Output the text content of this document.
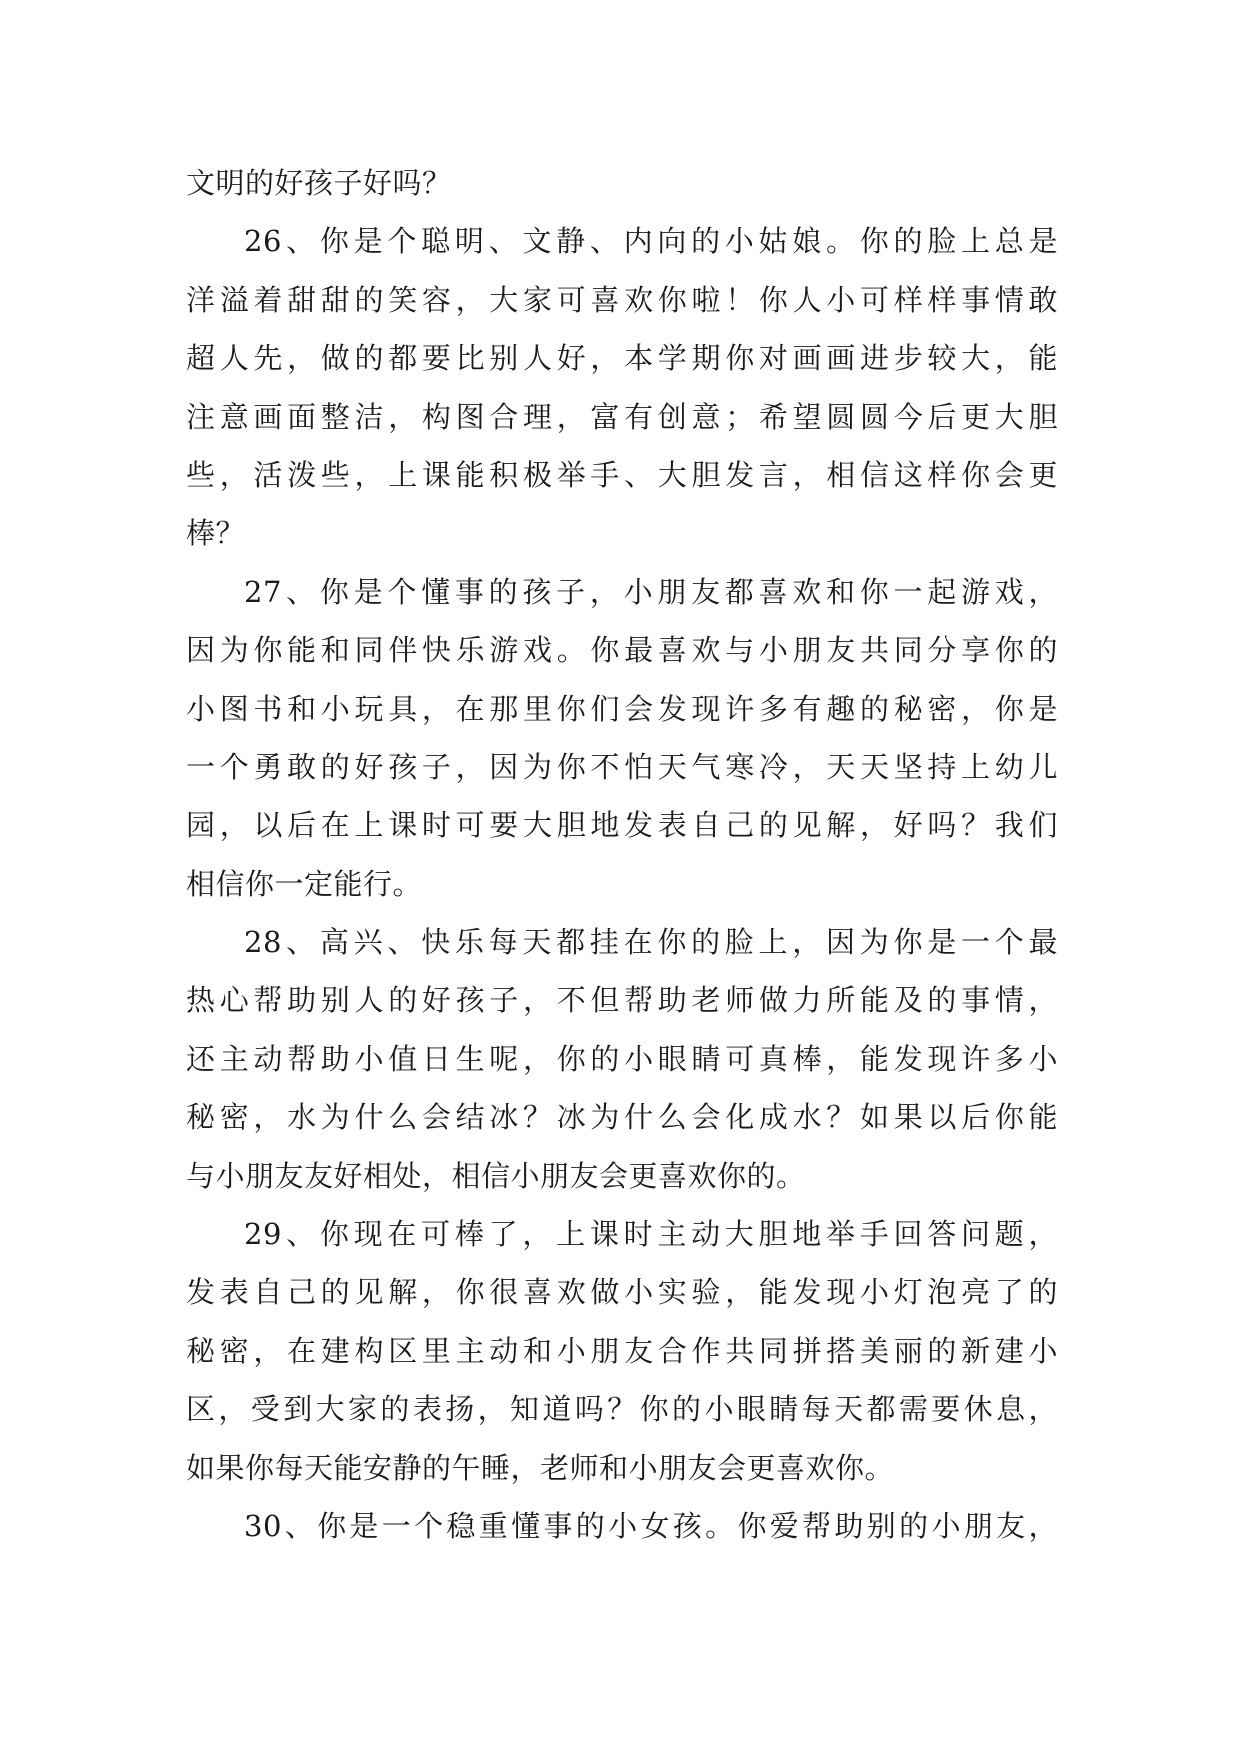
文明的好孩子好吗？
26、你是个聪明、文静、内向的小姑娘。你的脸上总是
洋溢着甜甜的笑容，大家可喜欢你啦！你人小可样样事情敢
超人先，做的都要比别人好，本学期你对画画进步较大，能
注意画面整洁，构图合理，富有创意；希望圆圆今后更大胆
些，活泼些，上课能积极举手、大胆发言，相信这样你会更
棒？
27、你是个懂事的孩子，小朋友都喜欢和你一起游戏，
因为你能和同伴快乐游戏。你最喜欢与小朋友共同分享你的
小图书和小玩具，在那里你们会发现许多有趣的秘密，你是
一个勇敢的好孩子，因为你不怕天气寒冷，天天坚持上幼儿
园，以后在上课时可要大胆地发表自己的见解，好吗？我们
相信你一定能行。
28、高兴、快乐每天都挂在你的脸上，因为你是一个最
热心帮助别人的好孩子，不但帮助老师做力所能及的事情，
还主动帮助小值日生呢，你的小眼睛可真棒，能发现许多小
秘密，水为什么会结冰？冰为什么会化成水？如果以后你能
与小朋友友好相处，相信小朋友会更喜欢你的。
29、你现在可棒了，上课时主动大胆地举手回答问题，
发表自己的见解，你很喜欢做小实验，能发现小灯泡亮了的
秘密，在建构区里主动和小朋友合作共同拼搭美丽的新建小
区，受到大家的表扬，知道吗？你的小眼睛每天都需要休息，
如果你每天能安静的午睡，老师和小朋友会更喜欢你。
30、你是一个稳重懂事的小女孩。你爱帮助别的小朋友，
